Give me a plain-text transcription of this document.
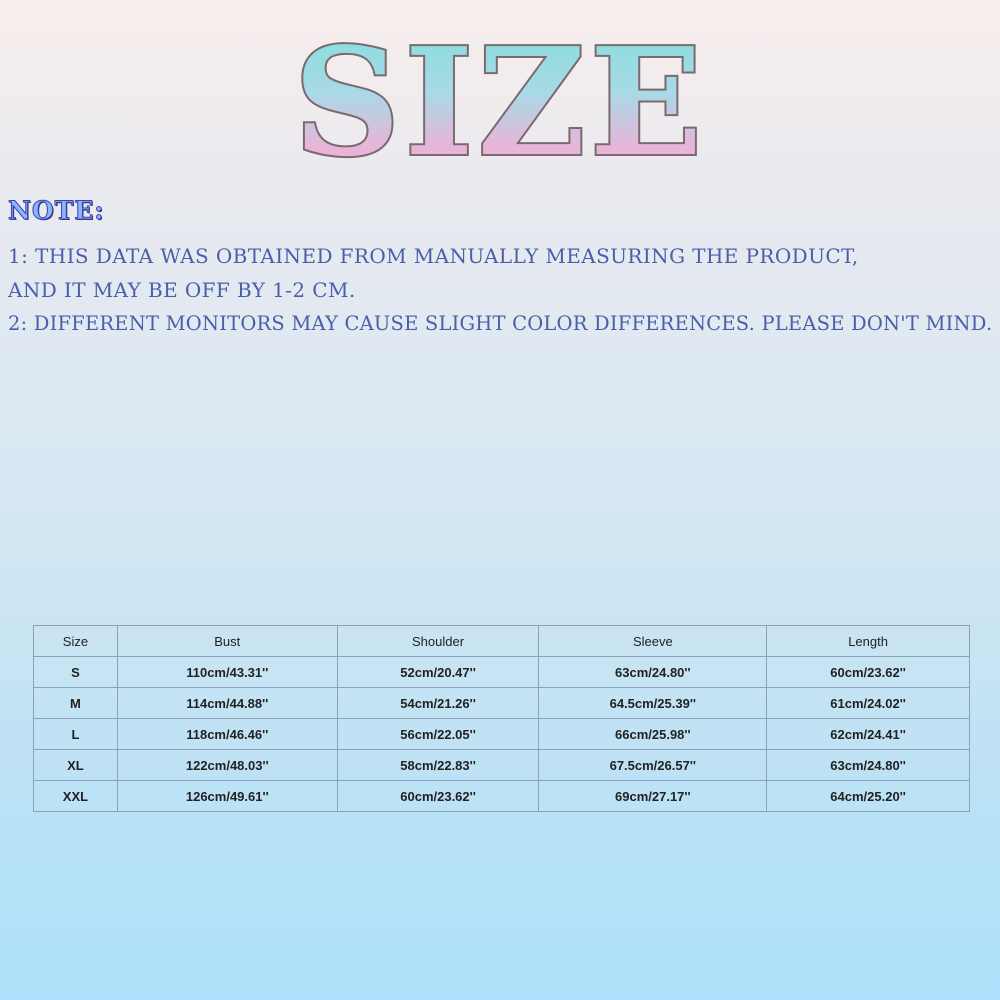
SIZE
NOTE:
1: THIS DATA WAS OBTAINED FROM MANUALLY MEASURING THE PRODUCT,
AND IT MAY BE OFF BY 1-2 CM.
2: DIFFERENT MONITORS MAY CAUSE SLIGHT COLOR DIFFERENCES. PLEASE DON'T MIND.
Size	Bust	Shoulder	Sleeve	Length
S	110cm/43.31''	52cm/20.47''	63cm/24.80''	60cm/23.62''
M	114cm/44.88''	54cm/21.26''	64.5cm/25.39''	61cm/24.02''
L	118cm/46.46''	56cm/22.05''	66cm/25.98''	62cm/24.41''
XL	122cm/48.03''	58cm/22.83''	67.5cm/26.57''	63cm/24.80''
XXL	126cm/49.61''	60cm/23.62''	69cm/27.17''	64cm/25.20''
